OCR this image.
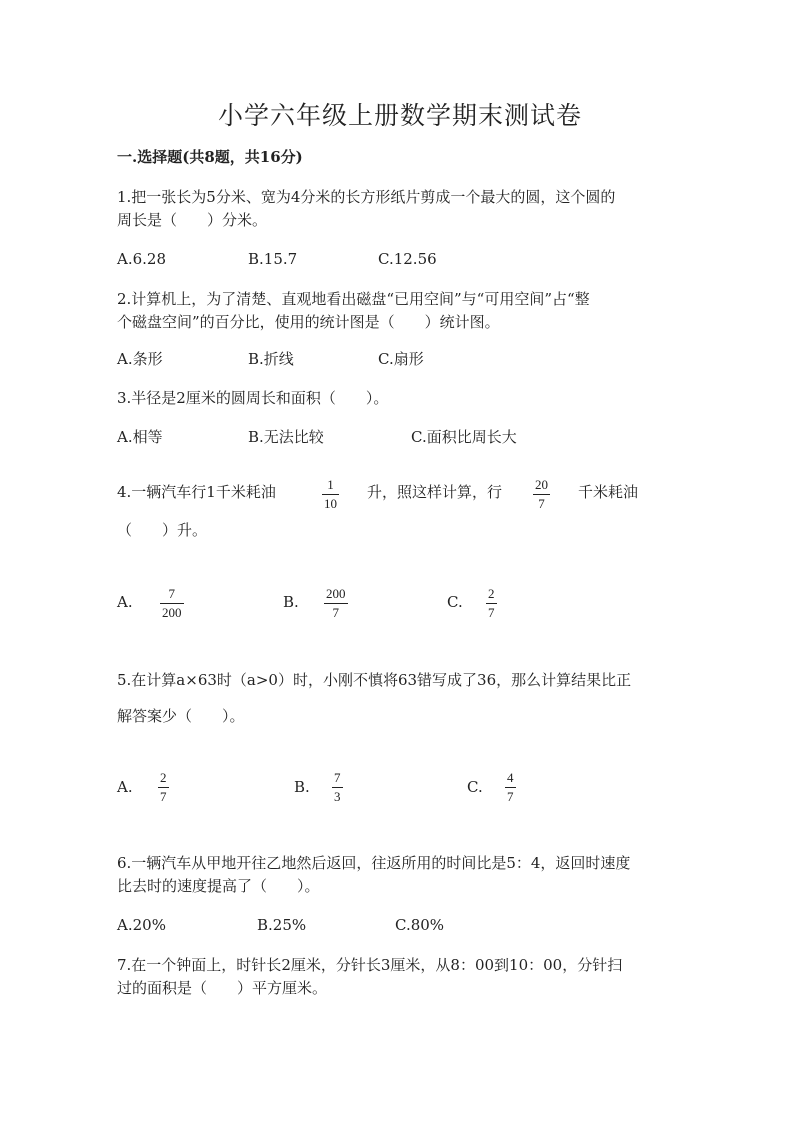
小学六年级上册数学期末测试卷
一.选择题(共8题，共16分)
1.把一张长为5分米、宽为4分米的长方形纸片剪成一个最大的圆，这个圆的
周长是（　　）分米。
A.6.28	B.15.7	C.12.56
2.计算机上，为了清楚、直观地看出磁盘“已用空间”与“可用空间”占“整
个磁盘空间”的百分比，使用的统计图是（　　）统计图。
A.条形	B.折线	C.扇形
3.半径是2厘米的圆周长和面积（　　）。
A.相等	B.无法比较	C.面积比周长大
4.一辆汽车行1千米耗油	1
10
升，照这样计算，行	20
7
千米耗油
（　　）升。
A.	7
200
B. 200
7
C. 2
7
5.在计算a×63时（a>0）时，小刚不慎将63错写成了36，那么计算结果比正
解答案少（　　）。
A.
2
7
B.
7
3
C.
4
7
6.一辆汽车从甲地开往乙地然后返回，往返所用的时间比是5：4，返回时速度
比去时的速度提高了（　　）。
A.20%	B.25%	C.80%
7.在一个钟面上，时针长2厘米，分针长3厘米，从8：00到10：00，分针扫
过的面积是（　　）平方厘米。
